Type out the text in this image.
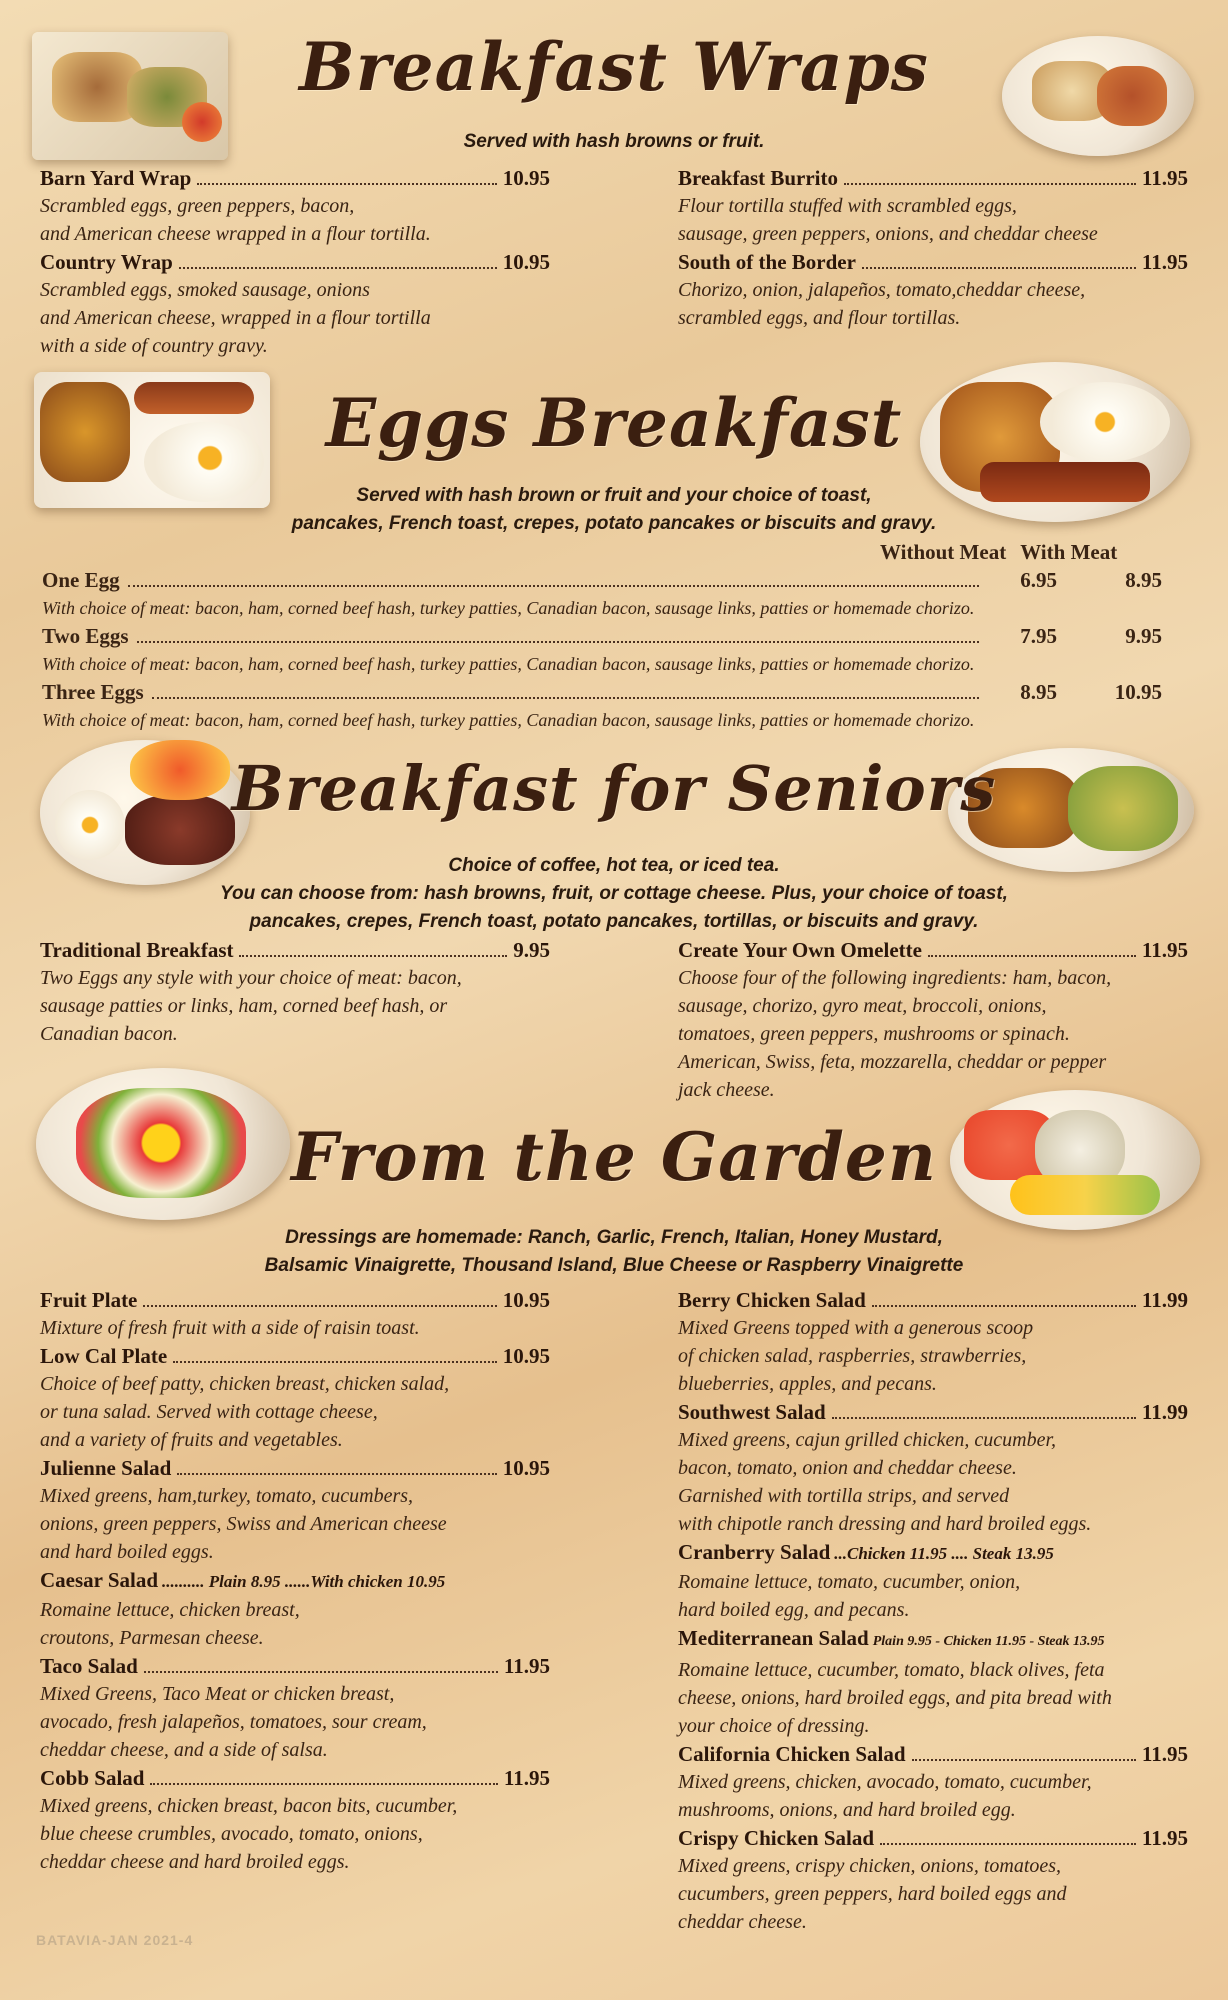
Breakfast Wraps
Served with hash browns or fruit.
Barn Yard Wrap	10.95
Scrambled eggs, green peppers, bacon,
and American cheese wrapped in a flour tortilla.
Country Wrap	10.95
Scrambled eggs, smoked sausage, onions
and American cheese, wrapped in a flour tortilla
with a side of country gravy.
Breakfast Burrito	11.95
Flour tortilla stuffed with scrambled eggs,
sausage, green peppers, onions, and cheddar cheese
South of the Border	11.95
Chorizo, onion, jalapeños, tomato,cheddar cheese,
scrambled eggs, and flour tortillas.
Eggs Breakfast
Served with hash brown or fruit and your choice of toast,
pancakes, French toast, crepes, potato pancakes or biscuits and gravy.
Without Meat With Meat
One Egg	6.95	8.95
With choice of meat: bacon, ham, corned beef hash, turkey patties, Canadian bacon, sausage links, patties or homemade chorizo.
Two Eggs	7.95	9.95
With choice of meat: bacon, ham, corned beef hash, turkey patties, Canadian bacon, sausage links, patties or homemade chorizo.
Three Eggs	8.95	10.95
With choice of meat: bacon, ham, corned beef hash, turkey patties, Canadian bacon, sausage links, patties or homemade chorizo.
Breakfast for Seniors
Choice of coffee, hot tea, or iced tea.
You can choose from: hash browns, fruit, or cottage cheese. Plus, your choice of toast,
pancakes, crepes, French toast, potato pancakes, tortillas, or biscuits and gravy.
Traditional Breakfast	9.95
Two Eggs any style with your choice of meat: bacon,
sausage patties or links, ham, corned beef hash, or
Canadian bacon.
Create Your Own Omelette	11.95
Choose four of the following ingredients: ham, bacon,
sausage, chorizo, gyro meat, broccoli, onions,
tomatoes, green peppers, mushrooms or spinach.
American, Swiss, feta, mozzarella, cheddar or pepper
jack cheese.
From the Garden
Dressings are homemade: Ranch, Garlic, French, Italian, Honey Mustard,
Balsamic Vinaigrette, Thousand Island, Blue Cheese or Raspberry Vinaigrette
Fruit Plate	10.95
Mixture of fresh fruit with a side of raisin toast.
Low Cal Plate	10.95
Choice of beef patty, chicken breast, chicken salad,
or tuna salad. Served with cottage cheese,
and a variety of fruits and vegetables.
Julienne Salad	10.95
Mixed greens, ham,turkey, tomato, cucumbers,
onions, green peppers, Swiss and American cheese
and hard boiled eggs.
Caesar Salad .......... Plain 8.95 ......With chicken 10.95
Romaine lettuce, chicken breast,
croutons, Parmesan cheese.
Taco Salad	11.95
Mixed Greens, Taco Meat or chicken breast,
avocado, fresh jalapeños, tomatoes, sour cream,
cheddar cheese, and a side of salsa.
Cobb Salad	11.95
Mixed greens, chicken breast, bacon bits, cucumber,
blue cheese crumbles, avocado, tomato, onions,
cheddar cheese and hard broiled eggs.
Berry Chicken Salad	11.99
Mixed Greens topped with a generous scoop
of chicken salad, raspberries, strawberries,
blueberries, apples, and pecans.
Southwest Salad	11.99
Mixed greens, cajun grilled chicken, cucumber,
bacon, tomato, onion and cheddar cheese.
Garnished with tortilla strips, and served
with chipotle ranch dressing and hard broiled eggs.
Cranberry Salad ...Chicken 11.95 .... Steak 13.95
Romaine lettuce, tomato, cucumber, onion,
hard boiled egg, and pecans.
Mediterranean Salad Plain 9.95 - Chicken 11.95 - Steak 13.95
Romaine lettuce, cucumber, tomato, black olives, feta
cheese, onions, hard broiled eggs, and pita bread with
your choice of dressing.
California Chicken Salad	11.95
Mixed greens, chicken, avocado, tomato, cucumber,
mushrooms, onions, and hard broiled egg.
Crispy Chicken Salad	11.95
Mixed greens, crispy chicken, onions, tomatoes,
cucumbers, green peppers, hard boiled eggs and
cheddar cheese.
BATAVIA-JAN 2021-4
